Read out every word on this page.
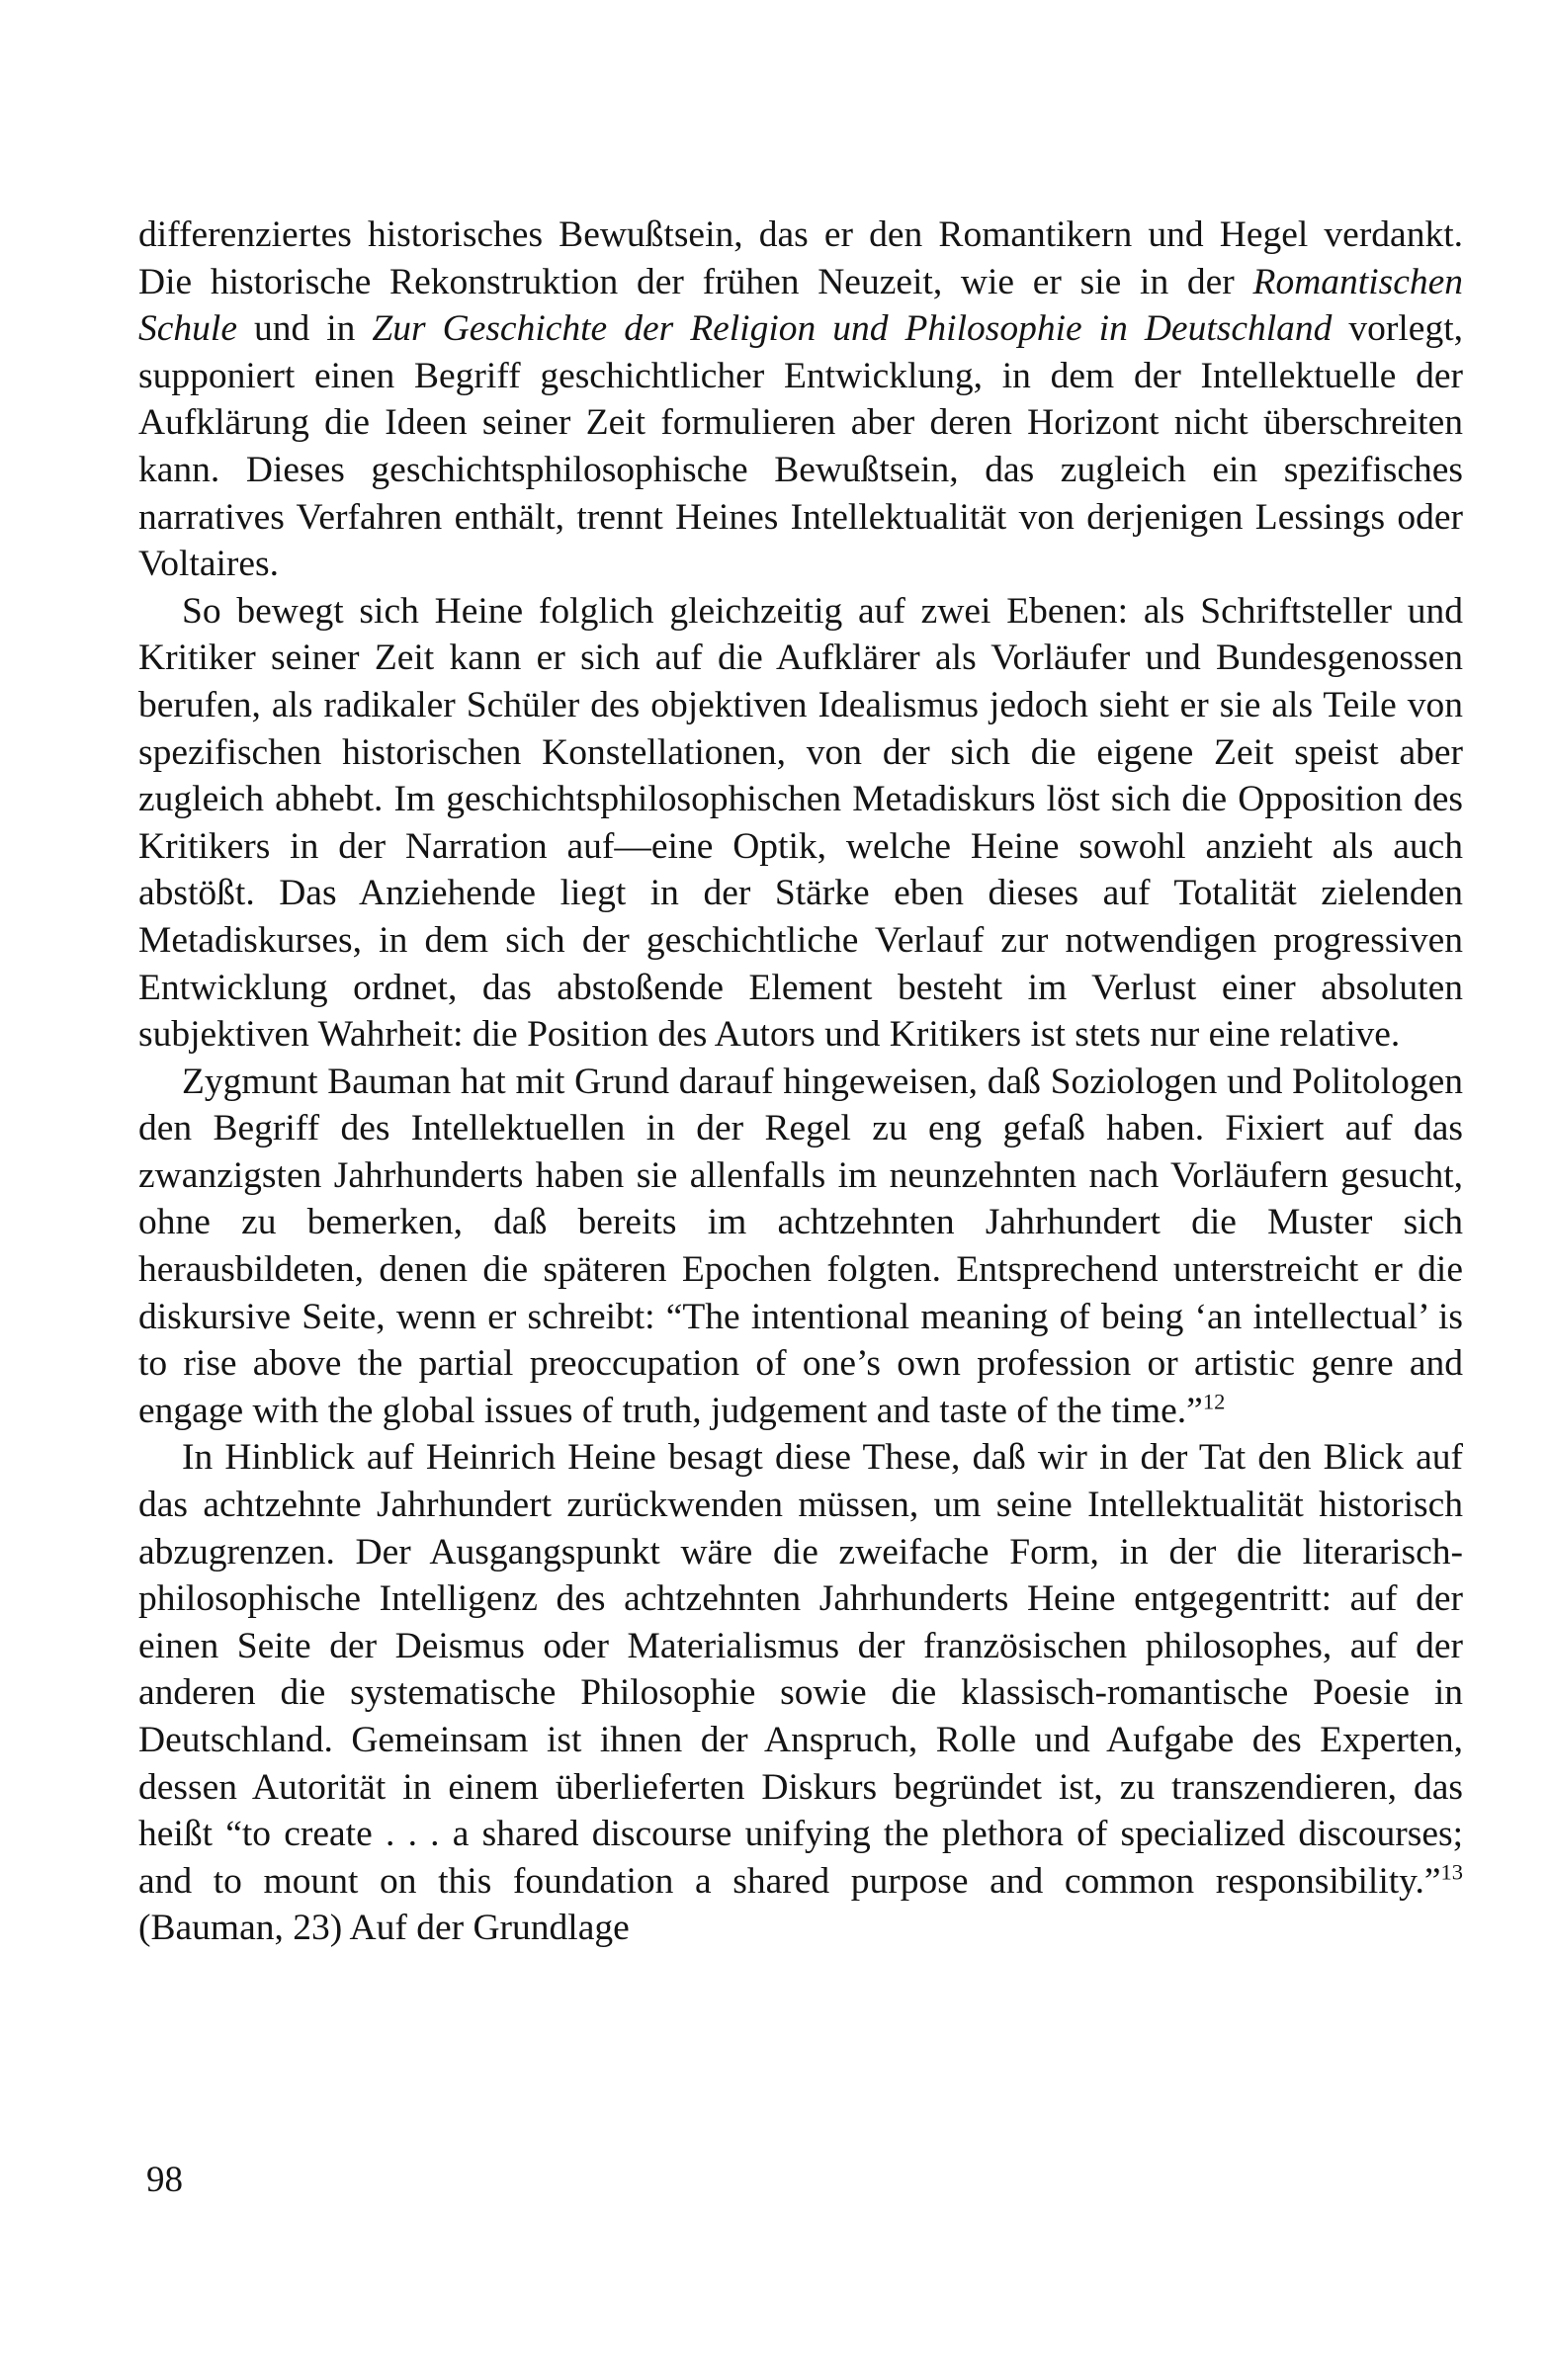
differenziertes historisches Bewußtsein, das er den Romantikern und Hegel verdankt. Die historische Rekonstruktion der frühen Neuzeit, wie er sie in der Romantischen Schule und in Zur Geschichte der Religion und Philosophie in Deutschland vorlegt, supponiert einen Begriff geschichtlicher Entwicklung, in dem der Intellektuelle der Aufklärung die Ideen seiner Zeit formulieren aber deren Horizont nicht überschreiten kann. Dieses geschichtsphilosophische Bewußtsein, das zugleich ein spezifisches narratives Verfahren enthält, trennt Heines Intellektualität von derjenigen Lessings oder Voltaires.

So bewegt sich Heine folglich gleichzeitig auf zwei Ebenen: als Schriftsteller und Kritiker seiner Zeit kann er sich auf die Aufklärer als Vorläufer und Bundesgenossen berufen, als radikaler Schüler des objektiven Idealismus jedoch sieht er sie als Teile von spezifischen historischen Konstellationen, von der sich die eigene Zeit speist aber zugleich abhebt. Im geschichtsphilosophischen Metadiskurs löst sich die Opposition des Kritikers in der Narration auf—eine Optik, welche Heine sowohl anzieht als auch abstößt. Das Anziehende liegt in der Stärke eben dieses auf Totalität zielenden Metadiskurses, in dem sich der geschichtliche Verlauf zur notwendigen progressiven Entwicklung ordnet, das abstoßende Element besteht im Verlust einer absoluten subjektiven Wahrheit: die Position des Autors und Kritikers ist stets nur eine relative.

Zygmunt Bauman hat mit Grund darauf hingeweisen, daß Soziologen und Politologen den Begriff des Intellektuellen in der Regel zu eng gefaß haben. Fixiert auf das zwanzigsten Jahrhunderts haben sie allenfalls im neunzehnten nach Vorläufern gesucht, ohne zu bemerken, daß bereits im achtzehnten Jahrhundert die Muster sich herausbildeten, denen die späteren Epochen folgten. Entsprechend unterstreicht er die diskursive Seite, wenn er schreibt: “The intentional meaning of being ‘an intellectual’ is to rise above the partial preoccupation of one’s own profession or artistic genre and engage with the global issues of truth, judgement and taste of the time.”$^{12}$

In Hinblick auf Heinrich Heine besagt diese These, daß wir in der Tat den Blick auf das achtzehnte Jahrhundert zurückwenden müssen, um seine Intellektualität historisch abzugrenzen. Der Ausgangspunkt wäre die zweifache Form, in der die literarisch-philosophische Intelligenz des achtzehnten Jahrhunderts Heine entgegentritt: auf der einen Seite der Deismus oder Materialismus der französischen philosophes, auf der anderen die systematische Philosophie sowie die klassisch-romantische Poesie in Deutschland. Gemeinsam ist ihnen der Anspruch, Rolle und Aufgabe des Experten, dessen Autorität in einem überlieferten Diskurs begründet ist, zu transzendieren, das heißt “to create . . . a shared discourse unifying the plethora of specialized discourses; and to mount on this foundation a shared purpose and common responsibility.”$^{13}$ (Bauman, 23) Auf der Grundlage

98
